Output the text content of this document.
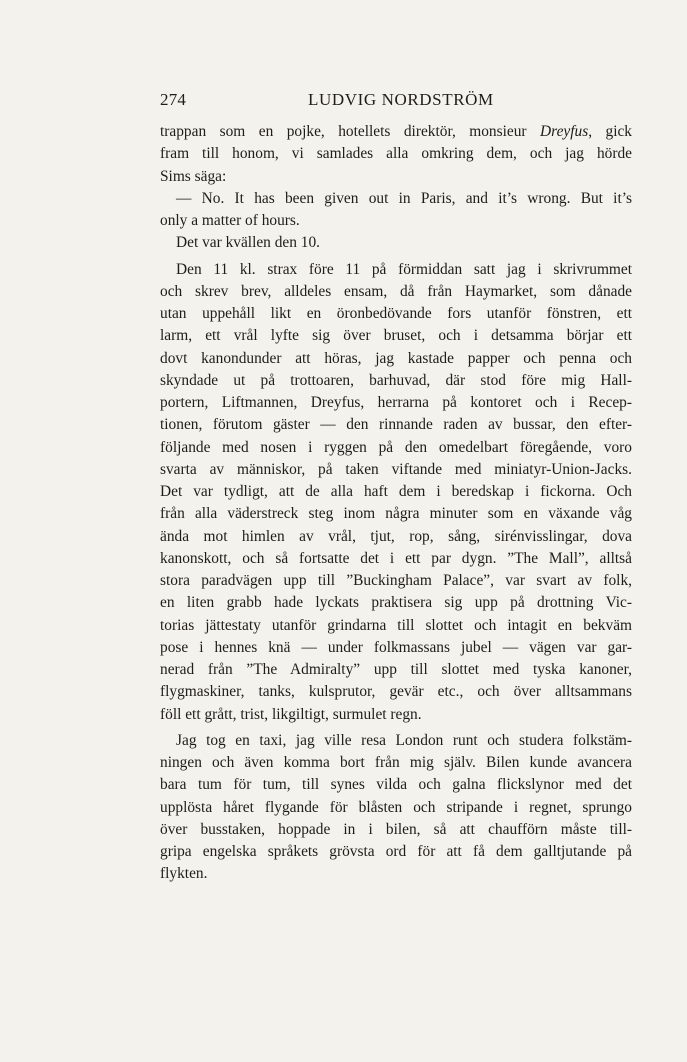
274	LUDVIG NORDSTRÖM
trappan som en pojke, hotellets direktör, monsieur Dreyfus, gick
fram till honom, vi samlades alla omkring dem, och jag hörde
Sims säga:
— No. It has been given out in Paris, and it’s wrong. But it’s
only a matter of hours.
Det var kvällen den 10.
Den 11 kl. strax före 11 på förmiddan satt jag i skrivrummet
och skrev brev, alldeles ensam, då från Haymarket, som dånade
utan uppehåll likt en öronbedövande fors utanför fönstren, ett
larm, ett vrål lyfte sig över bruset, och i detsamma börjar ett
dovt kanondunder att höras, jag kastade papper och penna och
skyndade ut på trottoaren, barhuvad, där stod före mig Hall-
portern, Liftmannen, Dreyfus, herrarna på kontoret och i Recep-
tionen, förutom gäster — den rinnande raden av bussar, den efter-
följande med nosen i ryggen på den omedelbart föregående, voro
svarta av människor, på taken viftande med miniatyr-Union-Jacks.
Det var tydligt, att de alla haft dem i beredskap i fickorna. Och
från alla väderstreck steg inom några minuter som en växande våg
ända mot himlen av vrål, tjut, rop, sång, sirénvisslingar, dova
kanonskott, och så fortsatte det i ett par dygn. ”The Mall”, alltså
stora paradvägen upp till ”Buckingham Palace”, var svart av folk,
en liten grabb hade lyckats praktisera sig upp på drottning Vic-
torias jättestaty utanför grindarna till slottet och intagit en bekväm
pose i hennes knä — under folkmassans jubel — vägen var gar-
nerad från ”The Admiralty” upp till slottet med tyska kanoner,
flygmaskiner, tanks, kulsprutor, gevär etc., och över alltsammans
föll ett grått, trist, likgiltigt, surmulet regn.
Jag tog en taxi, jag ville resa London runt och studera folkstäm-
ningen och även komma bort från mig själv. Bilen kunde avancera
bara tum för tum, till synes vilda och galna flickslynor med det
upplösta håret flygande för blåsten och stripande i regnet, sprungo
över busstaken, hoppade in i bilen, så att chaufförn måste till-
gripa engelska språkets grövsta ord för att få dem galltjutande på
flykten.
